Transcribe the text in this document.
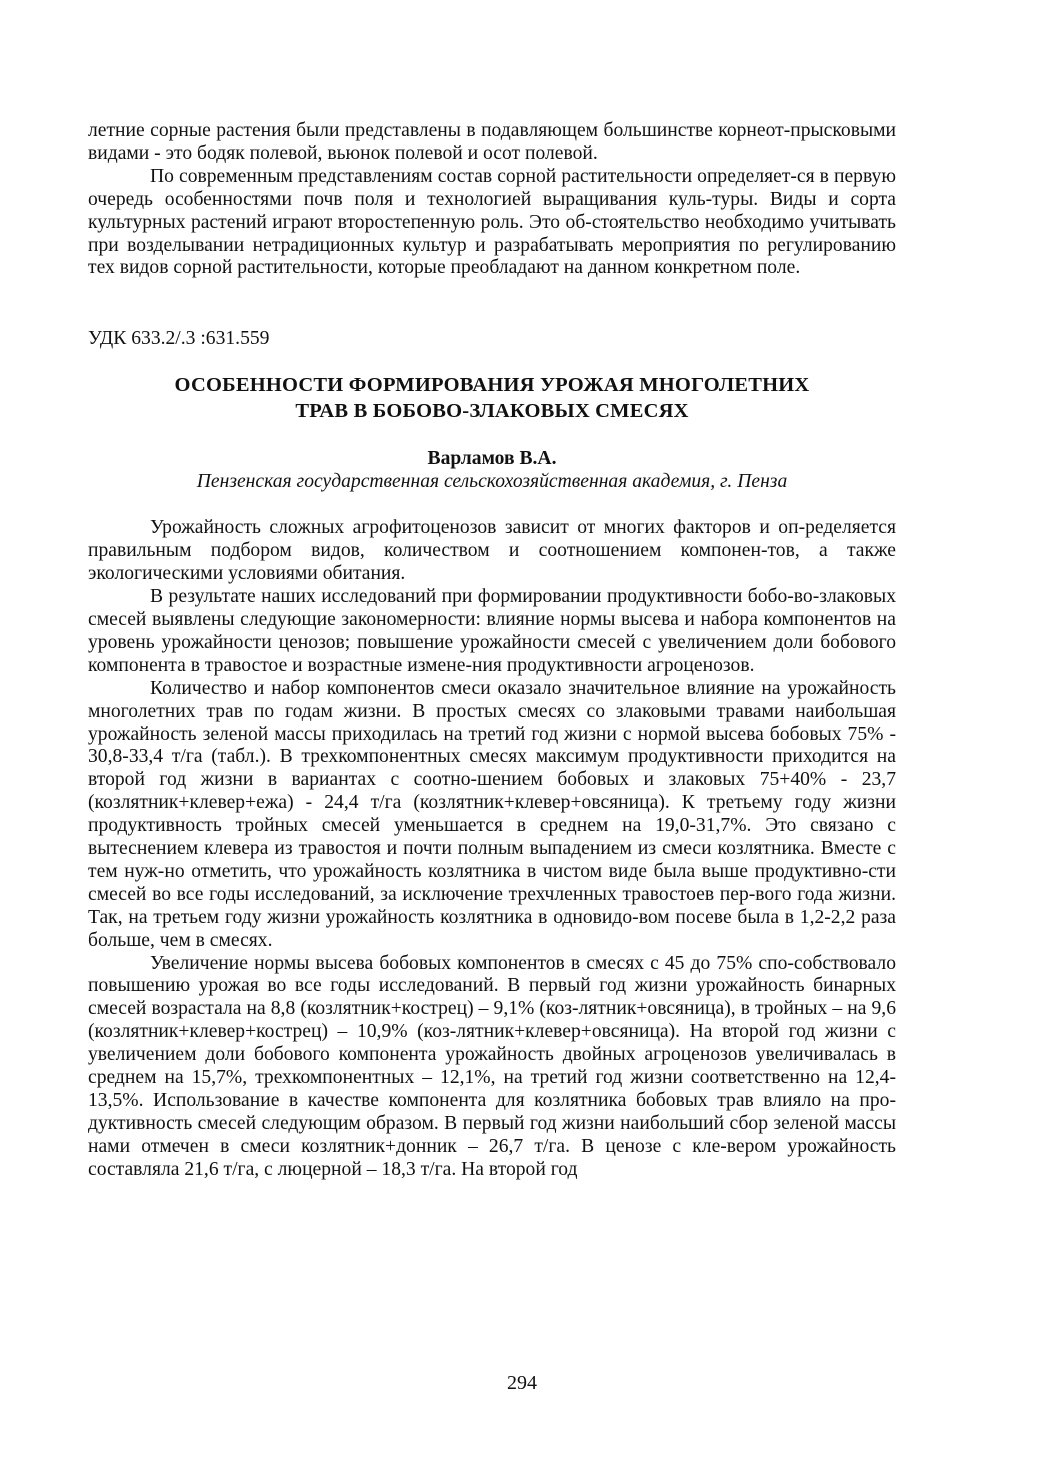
летние сорные растения были представлены в подавляющем большинстве корнеот-прысковыми видами - это бодяк полевой, вьюнок полевой и осот полевой.

По современным представлениям состав сорной растительности определяет-ся в первую очередь особенностями почв поля и технологией выращивания куль-туры. Виды и сорта культурных растений играют второстепенную роль. Это об-стоятельство необходимо учитывать при возделывании нетрадиционных культур и разрабатывать мероприятия по регулированию тех видов сорной растительности, которые преобладают на данном конкретном поле.

УДК 633.2/.3 :631.559
ОСОБЕННОСТИ ФОРМИРОВАНИЯ УРОЖАЯ МНОГОЛЕТНИХ
ТРАВ В БОБОВО-ЗЛАКОВЫХ СМЕСЯХ
Варламов В.А.
Пензенская государственная сельскохозяйственная академия, г. Пенза

Урожайность сложных агрофитоценозов зависит от многих факторов и оп-ределяется правильным подбором видов, количеством и соотношением компонен-тов, а также экологическими условиями обитания.

В результате наших исследований при формировании продуктивности бобо-во-злаковых смесей выявлены следующие закономерности: влияние нормы высева и набора компонентов на уровень урожайности ценозов; повышение урожайности смесей с увеличением доли бобового компонента в травостое и возрастные измене-ния продуктивности агроценозов.

Количество и набор компонентов смеси оказало значительное влияние на урожайность многолетних трав по годам жизни. В простых смесях со злаковыми травами наибольшая урожайность зеленой массы приходилась на третий год жизни с нормой высева бобовых 75% - 30,8-33,4 т/га (табл.). В трехкомпонентных смесях максимум продуктивности приходится на второй год жизни в вариантах с соотно-шением бобовых и злаковых 75+40% - 23,7 (козлятник+клевер+ежа) - 24,4 т/га (козлятник+клевер+овсяница). К третьему году жизни продуктивность тройных смесей уменьшается в среднем на 19,0-31,7%. Это связано с вытеснением клевера из травостоя и почти полным выпадением из смеси козлятника. Вместе с тем нуж-но отметить, что урожайность козлятника в чистом виде была выше продуктивно-сти смесей во все годы исследований, за исключение трехчленных травостоев пер-вого года жизни. Так, на третьем году жизни урожайность козлятника в одновидо-вом посеве была в 1,2-2,2 раза больше, чем в смесях.

Увеличение нормы высева бобовых компонентов в смесях с 45 до 75% спо-собствовало повышению урожая во все годы исследований. В первый год жизни урожайность бинарных смесей возрастала на 8,8 (козлятник+кострец) – 9,1% (коз-лятник+овсяница), в тройных – на 9,6 (козлятник+клевер+кострец) – 10,9% (коз-лятник+клевер+овсяница). На второй год жизни с увеличением доли бобового компонента урожайность двойных агроценозов увеличивалась в среднем на 15,7%, трехкомпонентных – 12,1%, на третий год жизни соответственно на 12,4-13,5%. Использование в качестве компонента для козлятника бобовых трав влияло на про-дуктивность смесей следующим образом. В первый год жизни наибольший сбор зеленой массы нами отмечен в смеси козлятник+донник – 26,7 т/га. В ценозе с кле-вером урожайность составляла 21,6 т/га, с люцерной – 18,3 т/га. На второй год

294
